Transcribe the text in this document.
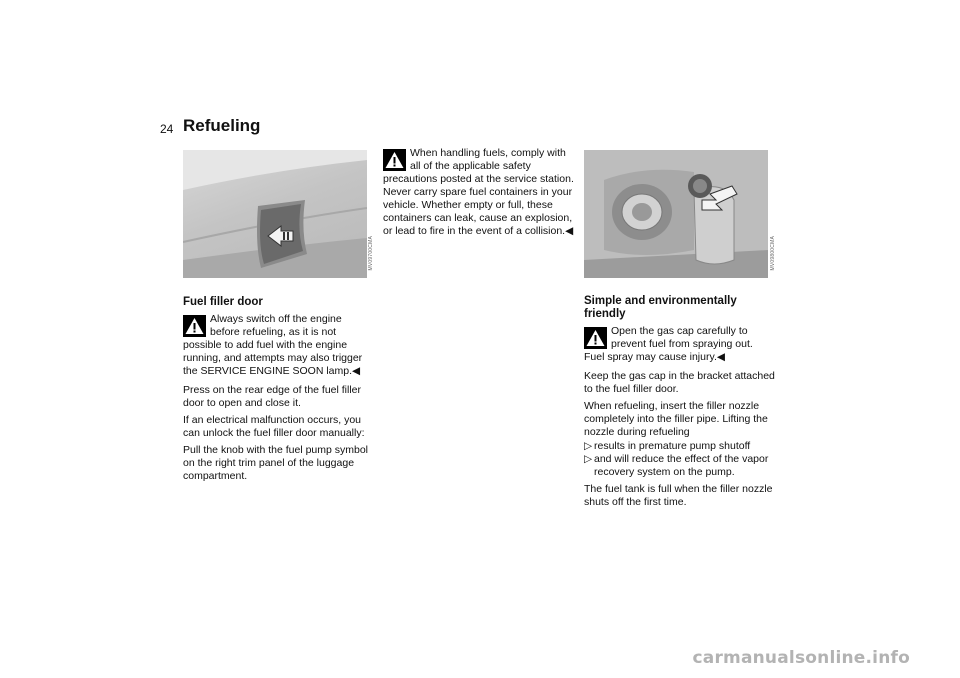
24 Refueling
MV09700CMA	MV09800CMA
Fuel filler door

Always switch off the engine before refueling, as it is not possible to add fuel with the engine running, and attempts may also trigger the SERVICE ENGINE SOON lamp.◀

Press on the rear edge of the fuel filler door to open and close it.

If an electrical malfunction occurs, you can unlock the fuel filler door manually:

Pull the knob with the fuel pump symbol on the right trim panel of the luggage compartment.

When handling fuels, comply with all of the applicable safety precautions posted at the service station. Never carry spare fuel containers in your vehicle. Whether empty or full, these containers can leak, cause an explosion, or lead to fire in the event of a collision.◀

Simple and environmentally friendly

Open the gas cap carefully to prevent fuel from spraying out. Fuel spray may cause injury.◀

Keep the gas cap in the bracket attached to the fuel filler door.

When refueling, insert the filler nozzle completely into the filler pipe. Lifting the nozzle during refueling

▷ results in premature pump shutoff
▷ and will reduce the effect of the vapor recovery system on the pump.

The fuel tank is full when the filler nozzle shuts off the first time.

carmanualsonline.info
